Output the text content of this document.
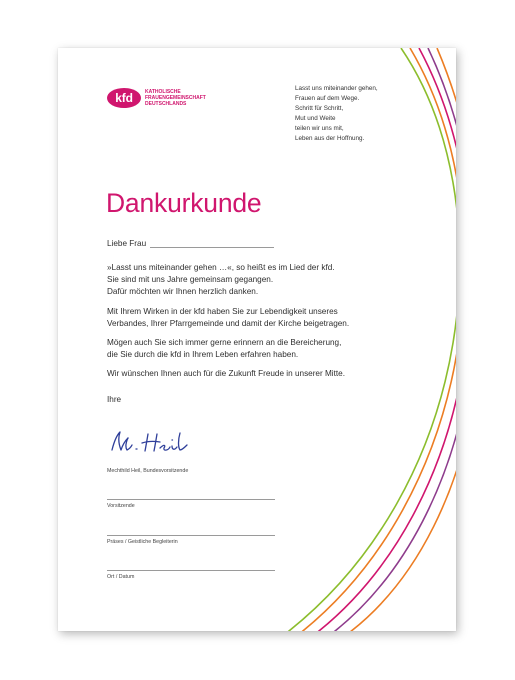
kfd	KATHOLISCHE
FRAUENGEMEINSCHAFT
DEUTSCHLANDS
Lasst uns miteinander gehen,
Frauen auf dem Wege.
Schritt für Schritt,
Mut und Weite
teilen wir uns mit,
Leben aus der Hoffnung.
Dankurkunde
Liebe Frau
»Lasst uns miteinander gehen …«, so heißt es im Lied der kfd.
Sie sind mit uns Jahre gemeinsam gegangen.
Dafür möchten wir Ihnen herzlich danken.
Mit Ihrem Wirken in der kfd haben Sie zur Lebendigkeit unseres
Verbandes, Ihrer Pfarrgemeinde und damit der Kirche beigetragen.
Mögen auch Sie sich immer gerne erinnern an die Bereicherung,
die Sie durch die kfd in Ihrem Leben erfahren haben.
Wir wünschen Ihnen auch für die Zukunft Freude in unserer Mitte.
Ihre
Mechthild Heil, Bundesvorsitzende
Vorsitzende
Präses / Geistliche Begleiterin
Ort / Datum
